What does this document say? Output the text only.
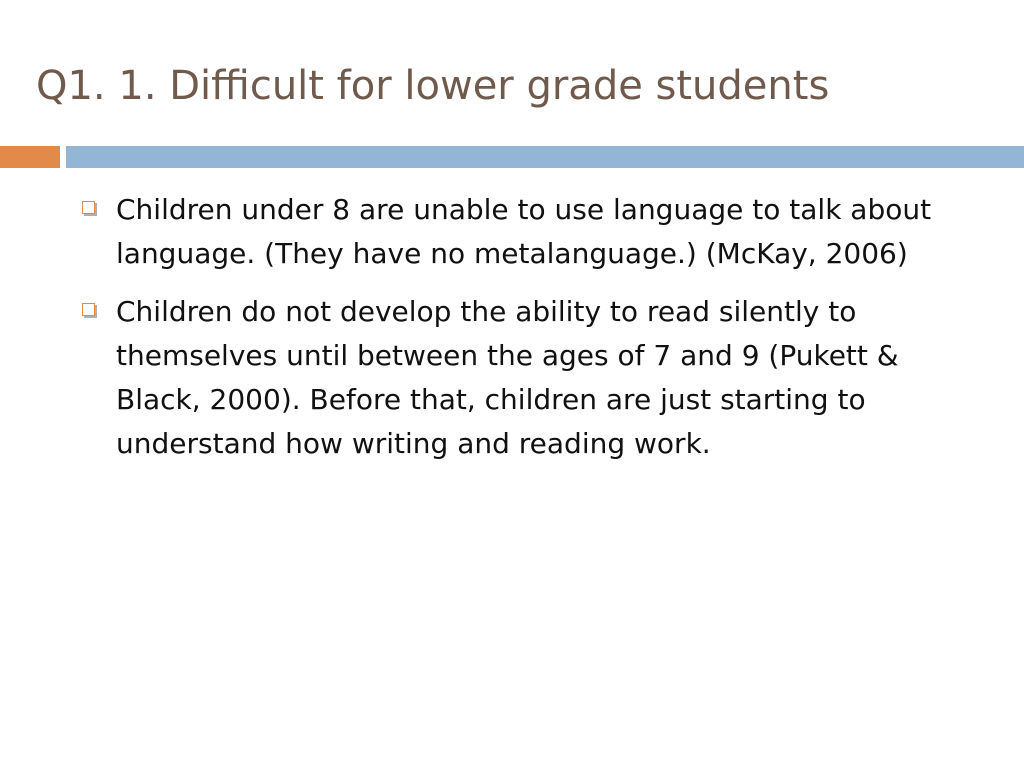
Q1. 1. Difficult for lower grade students
Children under 8 are unable to use language to talk about language. (They have no metalanguage.) (McKay, 2006)
Children do not develop the ability to read silently to themselves until between the ages of 7 and 9 (Pukett & Black, 2000). Before that, children are just starting to understand how writing and reading work.
